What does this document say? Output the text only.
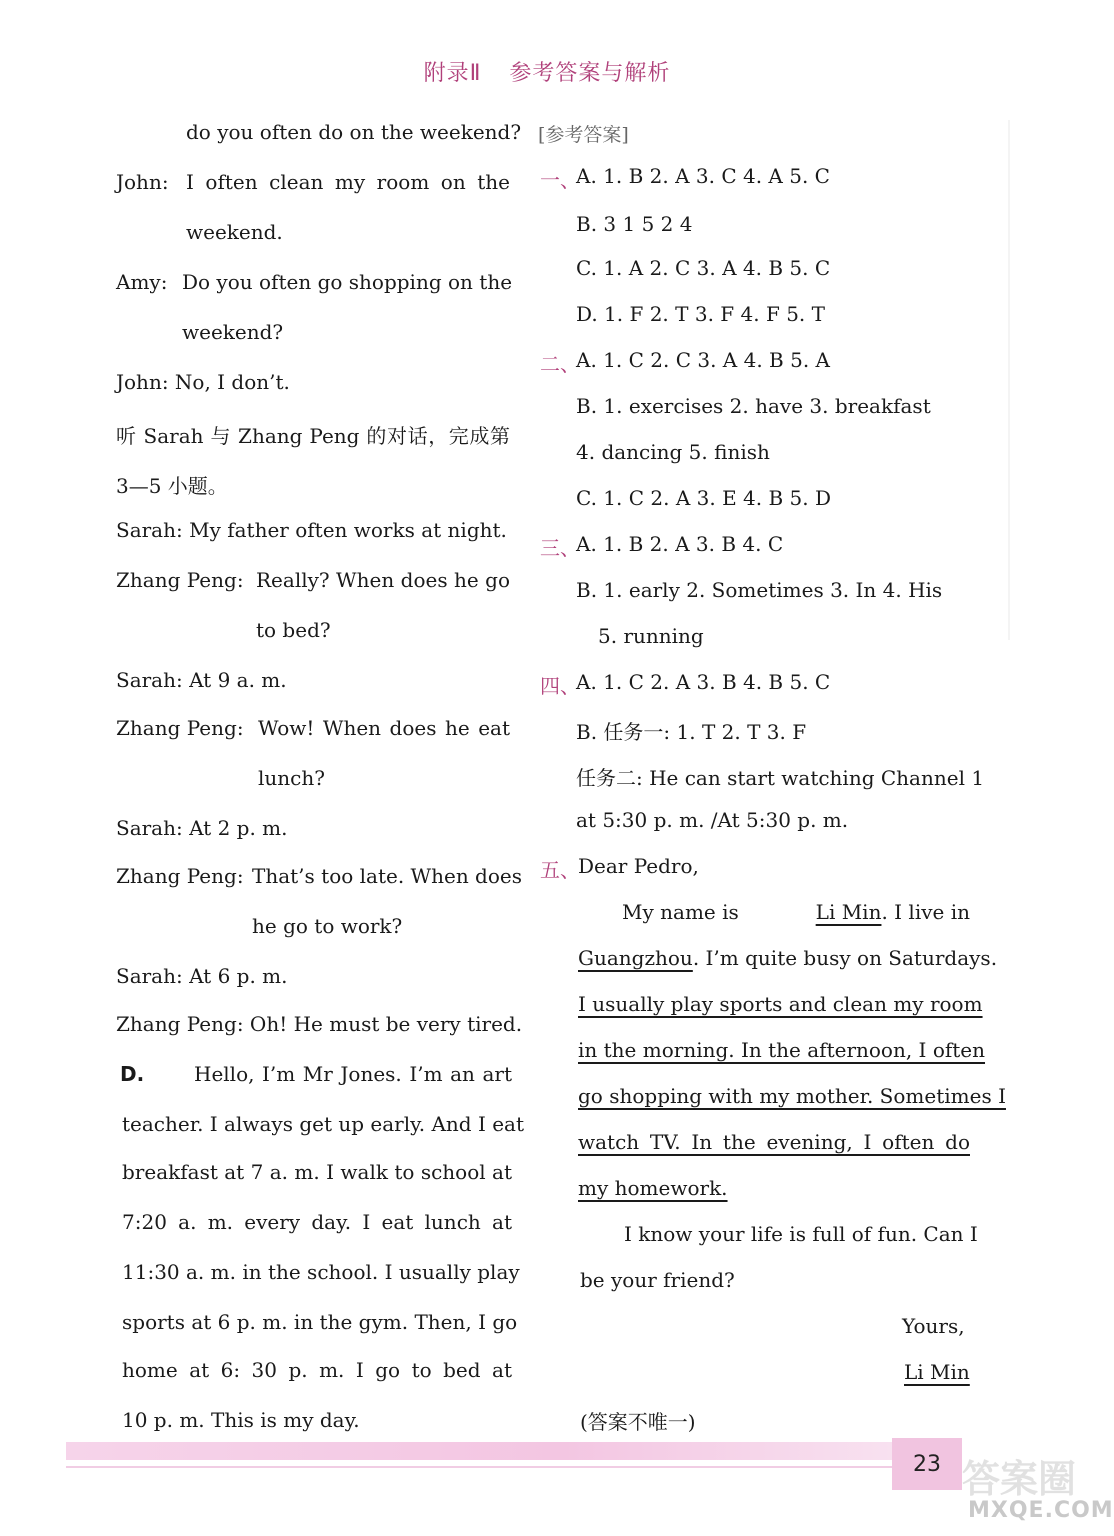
附录Ⅱ 参考答案与解析
do you often do on the weekend?
John: I often clean my room on the
weekend.
Amy: Do you often go shopping on the
weekend?
John: No, I don’t.
听 Sarah 与 Zhang Peng 的对话，完成第
3—5 小题。
Sarah: My father often works at night.
Zhang Peng: Really? When does he go
to bed?
Sarah: At 9 a. m.
Zhang Peng: Wow! When does he eat
lunch?
Sarah: At 2 p. m.
Zhang Peng: That’s too late. When does
he go to work?
Sarah: At 6 p. m.
Zhang Peng: Oh! He must be very tired.
D. Hello, I’m Mr Jones. I’m an art
teacher. I always get up early. And I eat
breakfast at 7 a. m. I walk to school at
7:20 a. m. every day. I eat lunch at
11:30 a. m. in the school. I usually play
sports at 6 p. m. in the gym. Then, I go
home at 6: 30 p. m. I go to bed at
10 p. m. This is my day.
[参考答案]
一、
A. 1. B 2. A 3. C 4. A 5. C
B. 3 1 5 2 4
C. 1. A 2. C 3. A 4. B 5. C
D. 1. F 2. T 3. F 4. F 5. T
二、
A. 1. C 2. C 3. A 4. B 5. A
B. 1. exercises 2. have 3. breakfast
4. dancing 5. finish
C. 1. C 2. A 3. E 4. B 5. D
三、
A. 1. B 2. A 3. B 4. C
B. 1. early 2. Sometimes 3. In 4. His
5. running
四、
A. 1. C 2. A 3. B 4. B 5. C
B. 任务一: 1. T 2. T 3. F
任务二: He can start watching Channel 1
at 5:30 p. m. /At 5:30 p. m.
五、
Dear Pedro,
My name is	Li Min. I live in
Guangzhou. I’m quite busy on Saturdays.
I usually play sports and clean my room
in the morning. In the afternoon, I often
go shopping with my mother. Sometimes I
watch TV. In the evening, I often do
my homework.
I know your life is full of fun. Can I
be your friend?
Yours,
Li Min
(答案不唯一)
23 答案圈
MXQE.COM
